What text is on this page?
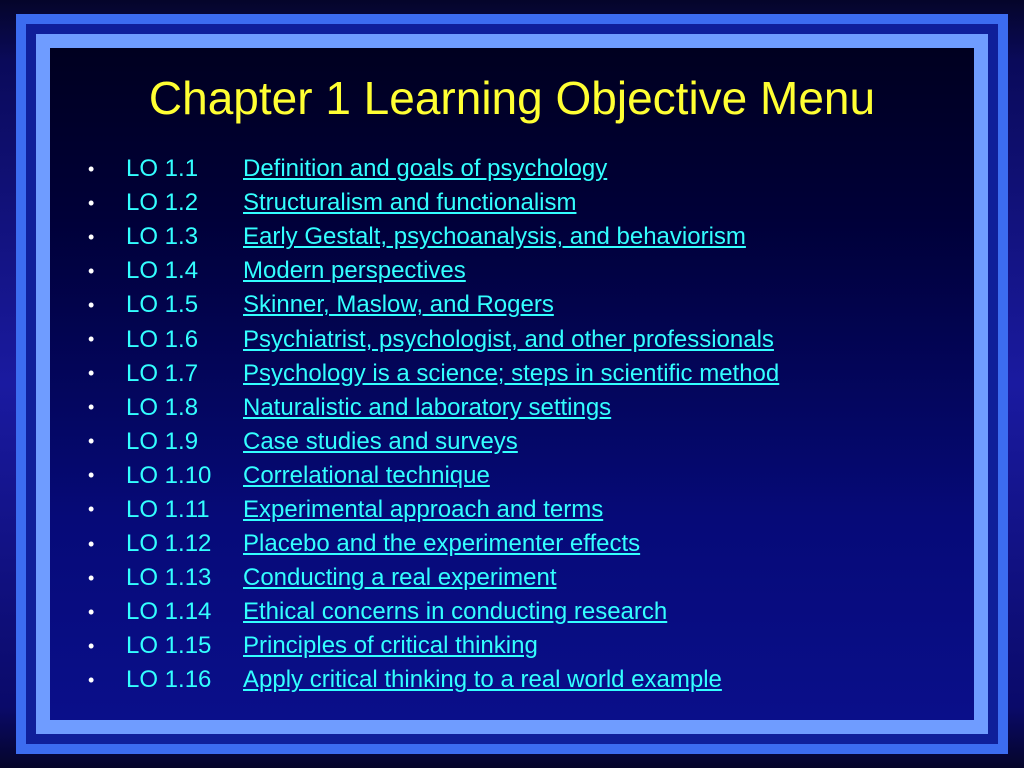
Chapter 1 Learning Objective Menu
•	LO 1.1 Definition and goals of psychology
•	LO 1.2 Structuralism and functionalism
•	LO 1.3 Early Gestalt, psychoanalysis, and behaviorism
•	LO 1.4 Modern perspectives
•	LO 1.5 Skinner, Maslow, and Rogers
•	LO 1.6 Psychiatrist, psychologist, and other professionals
•	LO 1.7 Psychology is a science; steps in scientific method
•	LO 1.8 Naturalistic and laboratory settings
•	LO 1.9 Case studies and surveys
•	LO 1.10 Correlational technique
•	LO 1.11 Experimental approach and terms
•	LO 1.12 Placebo and the experimenter effects
•	LO 1.13 Conducting a real experiment
•	LO 1.14 Ethical concerns in conducting research
•	LO 1.15 Principles of critical thinking
•	LO 1.16 Apply critical thinking to a real world example
